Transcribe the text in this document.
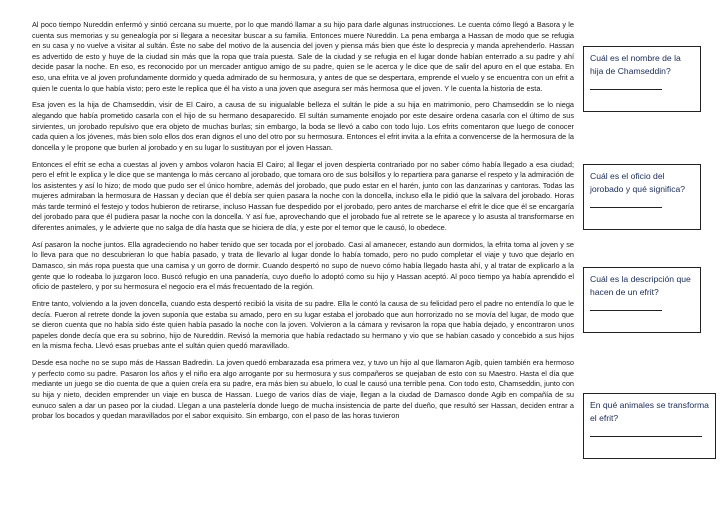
Al poco tiempo Nureddin enfermó y sintió cercana su muerte, por lo que mandó llamar a su hijo para darle algunas instrucciones. Le cuenta cómo llegó a Basora y le cuenta sus memorias y su genealogía por si llegara a necesitar buscar a su familia. Entonces muere Nureddin. La pena embarga a Hassan de modo que se refugia en su casa y no vuelve a visitar al sultán. Éste no sabe del motivo de la ausencia del joven y piensa más bien que éste lo desprecia y manda aprehenderlo. Hassan es advertido de esto y huye de la ciudad sin más que la ropa que traía puesta. Sale de la ciudad y se refugia en el lugar donde habían enterrado a su padre y ahí decide pasar la noche. En eso, es reconocido por un mercader antiguo amigo de su padre, quien se le acerca y le dice que de salir del apuro en el que estaba. En eso, una efrita ve al joven profundamente dormido y queda admirado de su hermosura, y antes de que se despertara, emprende el vuelo y se encuentra con un efrit a quien le cuenta lo que había visto; pero este le replica que él ha visto a una joven que asegura ser más hermosa que el joven. Y le cuenta la historia de esta.

Esa joven es la hija de Chamseddin, visir de El Cairo, a causa de su inigualable belleza el sultán le pide a su hija en matrimonio, pero Chamseddin se lo niega alegando que había prometido casarla con el hijo de su hermano desaparecido. El sultán sumamente enojado por este desaire ordena casarla con el último de sus sirvientes, un jorobado repulsivo que era objeto de muchas burlas; sin embargo, la boda se llevó a cabo con todo lujo. Los efrits comentaron que luego de conocer cada quien a los jóvenes, más bien solo ellos dos eran dignos el uno del otro por su hermosura. Entonces el efrit invita a la efrita a convencerse de la hermosura de la doncella y le propone que burlen al jorobado y en su lugar lo sustituyan por el joven Hassan.

Entonces el efrit se echa a cuestas al joven y ambos volaron hacia El Cairo; al llegar el joven despierta contrariado por no saber cómo había llegado a esa ciudad; pero el efrit le explica y le dice que se mantenga lo más cercano al jorobado, que tomara oro de sus bolsillos y lo repartiera para ganarse el respeto y la admiración de los asistentes y así lo hizo; de modo que pudo ser el único hombre, además del jorobado, que pudo estar en el harén, junto con las danzarinas y cantoras. Todas las mujeres admiraban la hermosura de Hassan y decían que él debía ser quien pasara la noche con la doncella, incluso ella le pidió que la salvara del jorobado. Horas más tarde terminó el festejo y todos hubieron de retirarse, incluso Hassan fue despedido por el jorobado, pero antes de marcharse el efrit le dice que él se encargaría del jorobado para que él pudiera pasar la noche con la doncella. Y así fue, aprovechando que el jorobado fue al retrete se le aparece y lo asusta al transformarse en diferentes animales, y le advierte que no salga de día hasta que se hiciera de día, y este por el temor que le causó, lo obedece.

Así pasaron la noche juntos. Ella agradeciendo no haber tenido que ser tocada por el jorobado. Casi al amanecer, estando aun dormidos, la efrita toma al joven y se lo lleva para que no descubrieran lo que había pasado, y trata de llevarlo al lugar donde lo había tomado, pero no pudo completar el viaje y tuvo que dejarlo en Damasco, sin más ropa puesta que una camisa y un gorro de dormir. Cuando despertó no supo de nuevo cómo había llegado hasta ahí, y al tratar de explicarlo a la gente que lo rodeaba lo juzgaron loco. Buscó refugio en una panadería, cuyo dueño lo adoptó como su hijo y Hassan aceptó. Al poco tiempo ya había aprendido el oficio de pastelero, y por su hermosura el negocio era el más frecuentado de la región.

Entre tanto, volviendo a la joven doncella, cuando esta despertó recibió la visita de su padre. Ella le contó la causa de su felicidad pero el padre no entendía lo que le decía. Fueron al retrete donde la joven suponía que estaba su amado, pero en su lugar estaba el jorobado que aun horrorizado no se movía del lugar, de modo que se dieron cuenta que no había sido éste quien había pasado la noche con la joven. Volvieron a la cámara y revisaron la ropa que había dejado, y encontraron unos papeles donde decía que era su sobrino, hijo de Nureddin. Revisó la memoria que había redactado su hermano y vio que se habían casado y concebido a sus hijos en la misma fecha. Llevó esas pruebas ante el sultán quien quedó maravillado.

Desde esa noche no se supo más de Hassan Badredin. La joven quedó embarazada esa primera vez, y tuvo un hijo al que llamaron Agib, quien también era hermoso y perfecto como su padre. Pasaron los años y el niño era algo arrogante por su hermosura y sus compañeros se quejaban de esto con su Maestro. Hasta el día que mediante un juego se dio cuenta de que a quien creía era su padre, era más bien su abuelo, lo cual le causó una terrible pena. Con todo esto, Chamseddin, junto con su hija y nieto, deciden emprender un viaje en busca de Hassan. Luego de varios días de viaje, llegan a la ciudad de Damasco donde Agib en compañía de su eunuco salen a dar un paseo por la ciudad. Llegan a una pastelería donde luego de mucha insistencia de parte del dueño, que resultó ser Hassan, deciden entrar a probar los bocados y quedan maravillados por el sabor exquisito. Sin embargo, con el paso de las horas tuvieron

Cuál es el nombre de la hija de Chamseddin?
Cuál es el oficio del jorobado y qué significa?
Cuál es la descripción que hacen de un efrit?
En qué animales se transforma el efrit?
